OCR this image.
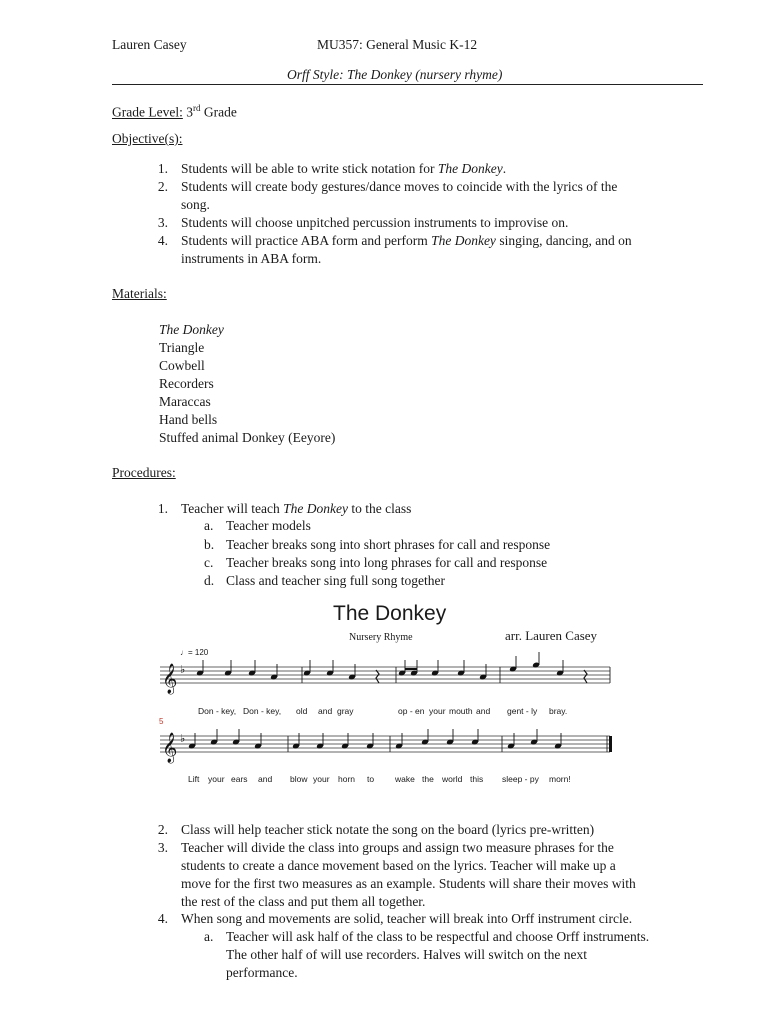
Lauren Casey	MU357: General Music K-12
Orff Style: The Donkey (nursery rhyme)
Grade Level: 3rd Grade
Objective(s):
1. Students will be able to write stick notation for The Donkey.
2. Students will create body gestures/dance moves to coincide with the lyrics of the
song.
3. Students will choose unpitched percussion instruments to improvise on.
4. Students will practice ABA form and perform The Donkey singing, dancing, and on
instruments in ABA form.
Materials:
The Donkey
Triangle
Cowbell
Recorders
Maraccas
Hand bells
Stuffed animal Donkey (Eeyore)
Procedures:
1. Teacher will teach The Donkey to the class
a. Teacher models
b. Teacher breaks song into short phrases for call and response
c. Teacher breaks song into long phrases for call and response
d. Class and teacher sing full song together
The Donkey
Nursery Rhyme	arr. Lauren Casey
♩= 120
5
𝄞 ♭
𝄞 ♭
Don - key, Don - key, old and gray	op - en your mouth and gent - ly bray.
Lift your ears and blow your horn to wake the world this sleep - py morn!
2. Class will help teacher stick notate the song on the board (lyrics pre-written)
3. Teacher will divide the class into groups and assign two measure phrases for the
students to create a dance movement based on the lyrics. Teacher will make up a
move for the first two measures as an example. Students will share their moves with
the rest of the class and put them all together.
4. When song and movements are solid, teacher will break into Orff instrument circle.
a. Teacher will ask half of the class to be respectful and choose Orff instruments.
The other half of will use recorders. Halves will switch on the next
performance.
